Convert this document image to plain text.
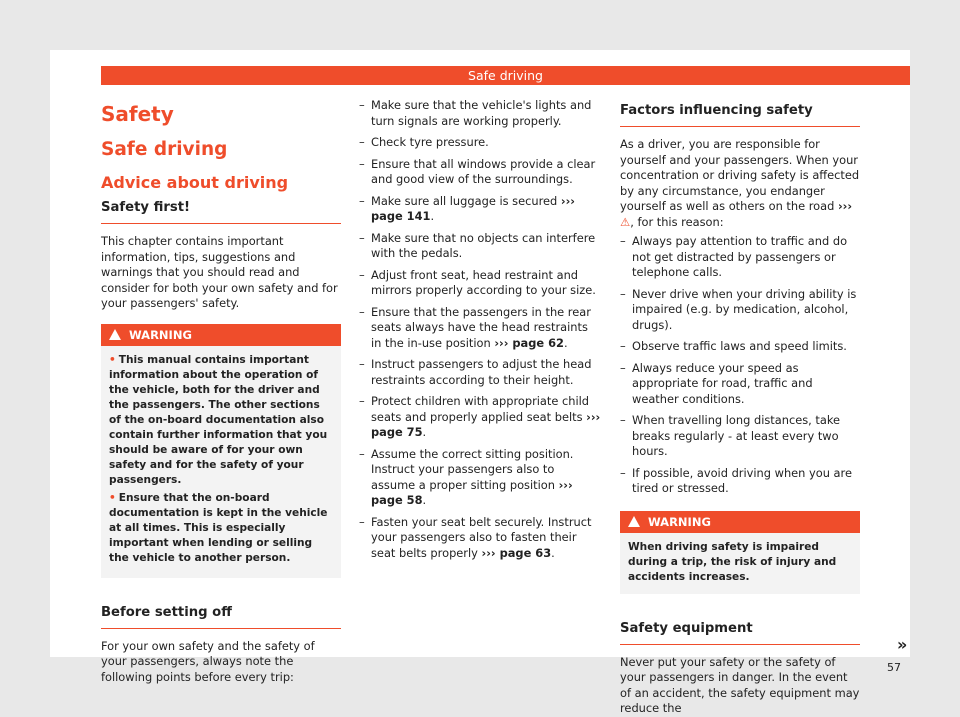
Safe driving
Safety
Safe driving
Advice about driving
Safety first!

This chapter contains important information, tips, suggestions and warnings that you should read and consider for both your own safety and for your passengers' safety.

WARNING
• This manual contains important information about the operation of the vehicle, both for the driver and the passengers. The other sections of the on-board documentation also contain further information that you should be aware of for your own safety and for the safety of your passengers.
• Ensure that the on-board documentation is kept in the vehicle at all times. This is especially important when lending or selling the vehicle to another person.
Before setting off

For your own safety and the safety of your passengers, always note the following points before every trip:

– Make sure that the vehicle's lights and turn signals are working properly.
– Check tyre pressure.
– Ensure that all windows provide a clear and good view of the surroundings.
– Make sure all luggage is secured ››› page 141.
– Make sure that no objects can interfere with the pedals.
– Adjust front seat, head restraint and mirrors properly according to your size.
– Ensure that the passengers in the rear seats always have the head restraints in the in-use position ››› page 62.
– Instruct passengers to adjust the head restraints according to their height.
– Protect children with appropriate child seats and properly applied seat belts ››› page 75.
– Assume the correct sitting position. Instruct your passengers also to assume a proper sitting position ››› page 58.
– Fasten your seat belt securely. Instruct your passengers also to fasten their seat belts properly ››› page 63.
Factors influencing safety

As a driver, you are responsible for yourself and your passengers. When your concentration or driving safety is affected by any circumstance, you endanger yourself as well as others on the road ››› ⚠, for this reason:

– Always pay attention to traffic and do not get distracted by passengers or telephone calls.
– Never drive when your driving ability is impaired (e.g. by medication, alcohol, drugs).
– Observe traffic laws and speed limits.
– Always reduce your speed as appropriate for road, traffic and weather conditions.
– When travelling long distances, take breaks regularly - at least every two hours.
– If possible, avoid driving when you are tired or stressed.
WARNING
When driving safety is impaired during a trip, the risk of injury and accidents increases.
Safety equipment

Never put your safety or the safety of your passengers in danger. In the event of an accident, the safety equipment may reduce the

»
57
